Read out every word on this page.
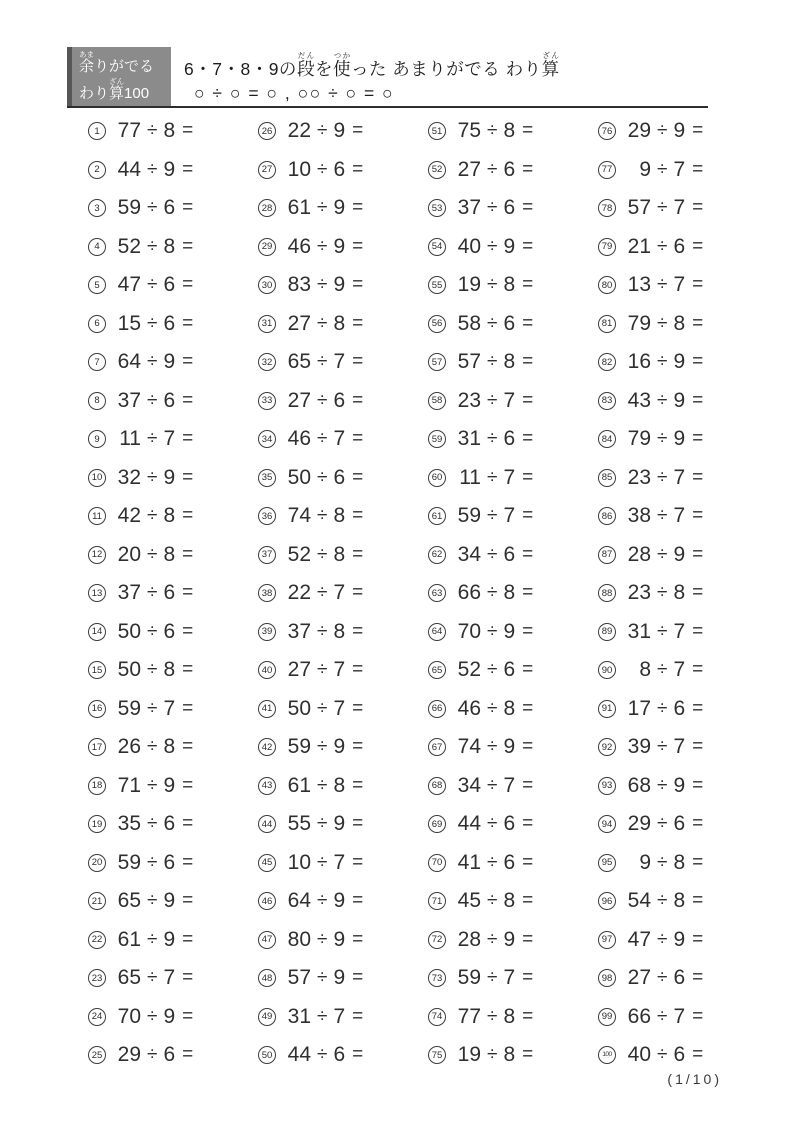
余あまりがでる
わり算ざん100
6・7・8・9の段だんを使つかった あまりがでる わり算ざん
○ ÷ ○ = ○ , ○○ ÷ ○ = ○
1 77 ÷ 8 =
2 44 ÷ 9 =
3 59 ÷ 6 =
4 52 ÷ 8 =
5 47 ÷ 6 =
6 15 ÷ 6 =
7 64 ÷ 9 =
8 37 ÷ 6 =
9 11 ÷ 7 =
10 32 ÷ 9 =
11 42 ÷ 8 =
12 20 ÷ 8 =
13 37 ÷ 6 =
14 50 ÷ 6 =
15 50 ÷ 8 =
16 59 ÷ 7 =
17 26 ÷ 8 =
18 71 ÷ 9 =
19 35 ÷ 6 =
20 59 ÷ 6 =
21 65 ÷ 9 =
22 61 ÷ 9 =
23 65 ÷ 7 =
24 70 ÷ 9 =
25 29 ÷ 6 =
26 22 ÷ 9 =
27 10 ÷ 6 =
28 61 ÷ 9 =
29 46 ÷ 9 =
30 83 ÷ 9 =
31 27 ÷ 8 =
32 65 ÷ 7 =
33 27 ÷ 6 =
34 46 ÷ 7 =
35 50 ÷ 6 =
36 74 ÷ 8 =
37 52 ÷ 8 =
38 22 ÷ 7 =
39 37 ÷ 8 =
40 27 ÷ 7 =
41 50 ÷ 7 =
42 59 ÷ 9 =
43 61 ÷ 8 =
44 55 ÷ 9 =
45 10 ÷ 7 =
46 64 ÷ 9 =
47 80 ÷ 9 =
48 57 ÷ 9 =
49 31 ÷ 7 =
50 44 ÷ 6 =
51 75 ÷ 8 =
52 27 ÷ 6 =
53 37 ÷ 6 =
54 40 ÷ 9 =
55 19 ÷ 8 =
56 58 ÷ 6 =
57 57 ÷ 8 =
58 23 ÷ 7 =
59 31 ÷ 6 =
60 11 ÷ 7 =
61 59 ÷ 7 =
62 34 ÷ 6 =
63 66 ÷ 8 =
64 70 ÷ 9 =
65 52 ÷ 6 =
66 46 ÷ 8 =
67 74 ÷ 9 =
68 34 ÷ 7 =
69 44 ÷ 6 =
70 41 ÷ 6 =
71 45 ÷ 8 =
72 28 ÷ 9 =
73 59 ÷ 7 =
74 77 ÷ 8 =
75 19 ÷ 8 =
76 29 ÷ 9 =
77	9 ÷ 7 =
78 57 ÷ 7 =
79 21 ÷ 6 =
80 13 ÷ 7 =
81 79 ÷ 8 =
82 16 ÷ 9 =
83 43 ÷ 9 =
84 79 ÷ 9 =
85 23 ÷ 7 =
86 38 ÷ 7 =
87 28 ÷ 9 =
88 23 ÷ 8 =
89 31 ÷ 7 =
90	8 ÷ 7 =
91 17 ÷ 6 =
92 39 ÷ 7 =
93 68 ÷ 9 =
94 29 ÷ 6 =
95	9 ÷ 8 =
96 54 ÷ 8 =
97 47 ÷ 9 =
98 27 ÷ 6 =
99 66 ÷ 7 =
100 40 ÷ 6 =
(1/10)
